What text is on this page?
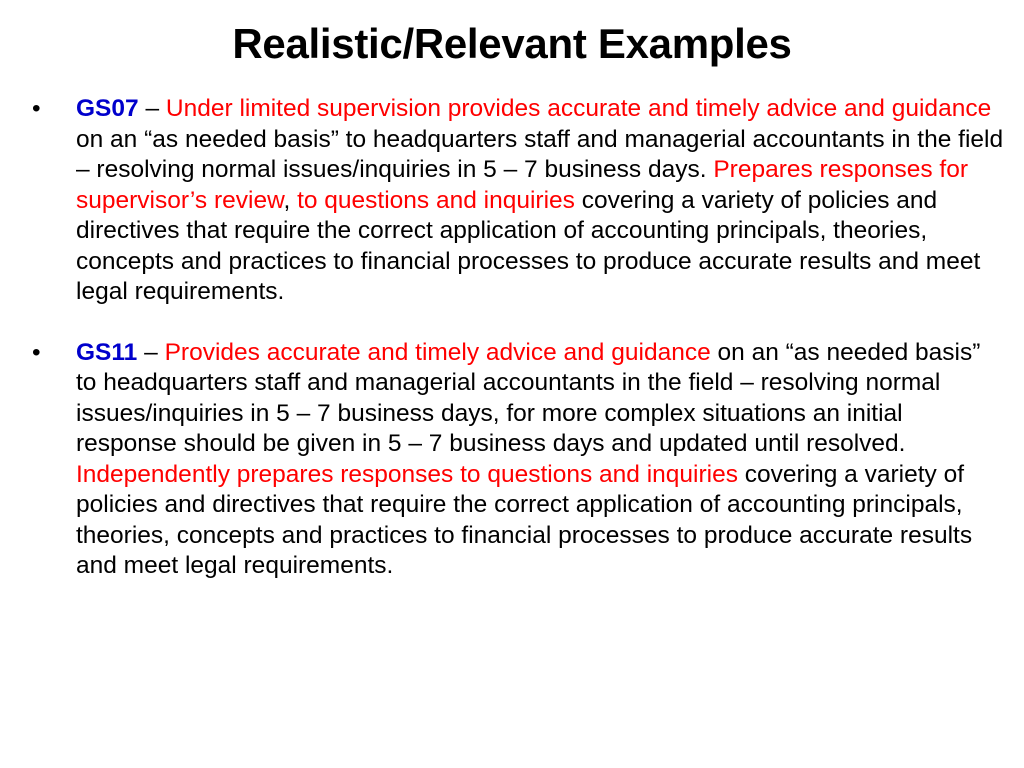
Realistic/Relevant Examples
• GS07 – Under limited supervision provides accurate and timely advice and guidance on an “as needed basis” to headquarters staff and managerial accountants in the field – resolving normal issues/inquiries in 5 – 7 business days. Prepares responses for supervisor’s review, to questions and inquiries covering a variety of policies and directives that require the correct application of accounting principals, theories, concepts and practices to financial processes to produce accurate results and meet legal requirements.
• GS11 – Provides accurate and timely advice and guidance on an “as needed basis” to headquarters staff and managerial accountants in the field – resolving normal issues/inquiries in 5 – 7 business days, for more complex situations an initial response should be given in 5 – 7 business days and updated until resolved. Independently prepares responses to questions and inquiries covering a variety of policies and directives that require the correct application of accounting principals, theories, concepts and practices to financial processes to produce accurate results and meet legal requirements.
